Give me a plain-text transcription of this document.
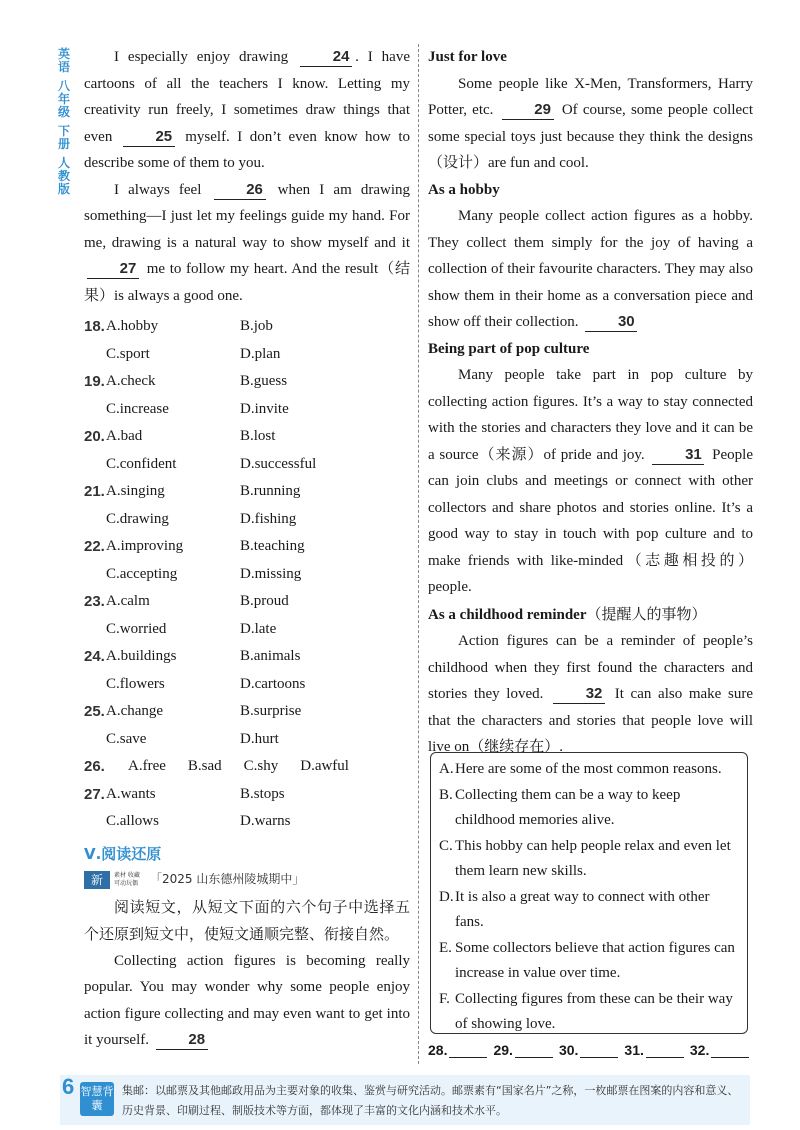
英语
八年级
下册
人教版

I especially enjoy drawing	24 . I have cartoons of all the teachers I know. Letting my creativity run freely, I sometimes draw things that even	25 myself. I don’t even know how to describe some of them to you.

I always feel	26 when I am drawing something—I just let my feelings guide my hand. For me, drawing is a natural way to show myself and it 27 me to follow my heart. And the result（结果）is always a good one.

18. A.hobby	B.job
C.sport	D.plan
19. A.check	B.guess
C.increase	D.invite
20. A.bad	B.lost
C.confident	D.successful
21. A.singing	B.running
C.drawing	D.fishing
22. A.improving	B.teaching
C.accepting	D.missing
23. A.calm	B.proud
C.worried	D.late
24. A.buildings	B.animals
C.flowers	D.cartoons
25. A.change	B.surprise
C.save	D.hurt
26. A.free B.sad C.shy D.awful
27. A.wants	B.stops
C.allows	D.warns
Ⅴ.阅读还原
新	素材 收藏可动玩偶 「2025 山东德州陵城期中」

阅读短文，从短文下面的六个句子中选择五个还原到短文中，使短文通顺完整、衔接自然。

Collecting action figures is becoming really popular. You may wonder why some people enjoy action figure collecting and may even want to get into it yourself.	28

Just for love

Some people like X-Men, Transformers, Harry Potter, etc.	29 Of course, some people collect some special toys just because they think the designs（设计）are fun and cool.

As a hobby

Many people collect action figures as a hobby. They collect them simply for the joy of having a collection of their favourite characters. They may also show them in their home as a conversation piece and show off their collection.	30

Being part of pop culture

Many people take part in pop culture by collecting action figures. It’s a way to stay connected with the stories and characters they love and it can be a source（来源）of pride and joy.	31 People can join clubs and meetings or connect with other collectors and share photos and stories online. It’s a good way to stay in touch with pop culture and to make friends with like-minded（志趣相投的）people.

As a childhood reminder（提醒人的事物）

Action figures can be a reminder of people’s childhood when they first found the characters and stories they loved.	32 It can also make sure that the characters and stories that people love will live on（继续存在）.

A. Here are some of the most common reasons.
B. Collecting them can be a way to keep childhood memories alive.
C. This hobby can help people relax and even let them learn new skills.
D. It is also a great way to connect with other fans.
E. Some collectors believe that action figures can increase in value over time.
F. Collecting figures from these can be their way of showing love.
28.	29.	30.	31.	32.
6 智慧背囊
集邮：以邮票及其他邮政用品为主要对象的收集、鉴赏与研究活动。邮票素有“国家名片”之称，一枚邮票在图案的内容和意义、历史背景、印刷过程、制版技术等方面，都体现了丰富的文化内涵和技术水平。
